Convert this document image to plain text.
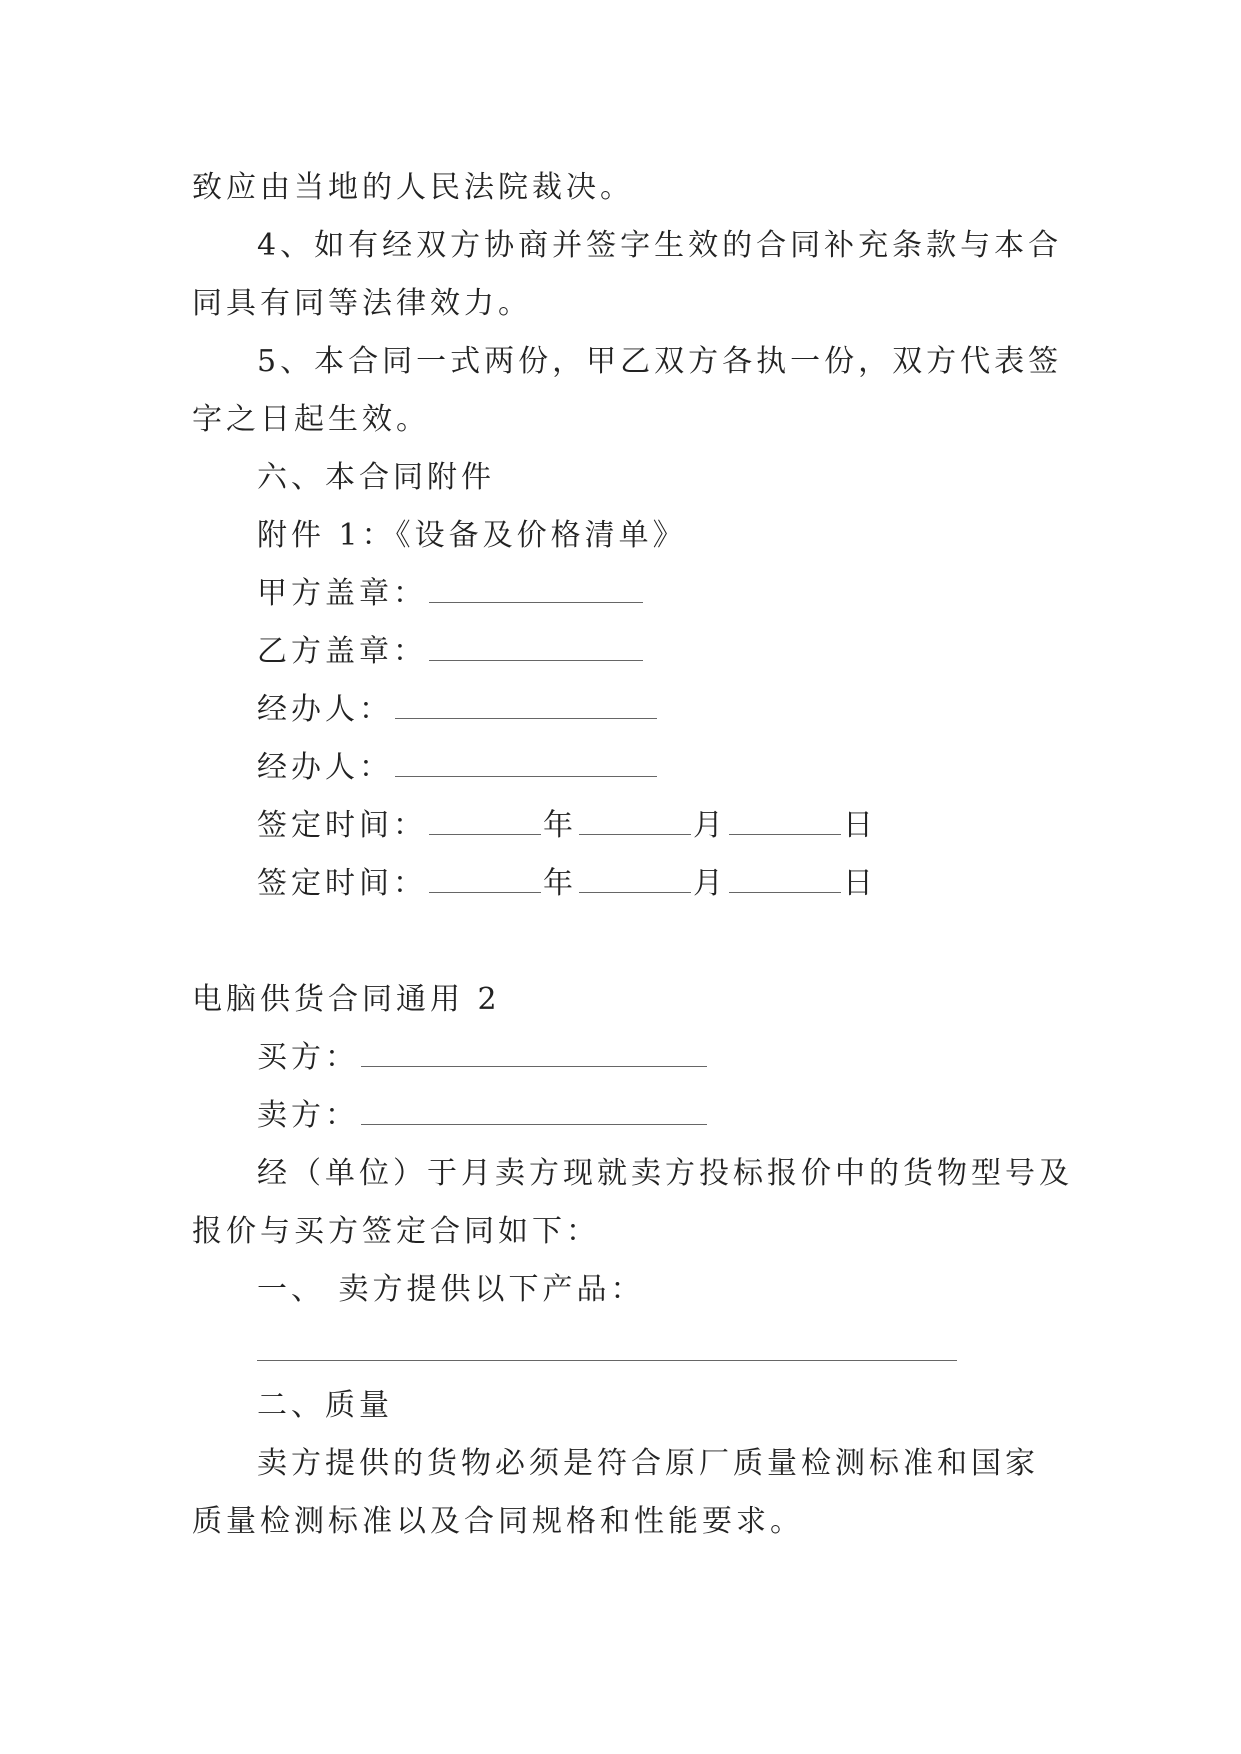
致应由当地的人民法院裁决。
4、如有经双方协商并签字生效的合同补充条款与本合
同具有同等法律效力。
5、本合同一式两份，甲乙双方各执一份，双方代表签
字之日起生效。
六、本合同附件
附件 1：《设备及价格清单》
甲方盖章：
乙方盖章：
经办人：
经办人：
签定时间：	年	月	日
签定时间：	年	月	日
电脑供货合同通用 2
买方：
卖方：
经（单位）于月卖方现就卖方投标报价中的货物型号及
报价与买方签定合同如下：
一、 卖方提供以下产品：
二、质量
卖方提供的货物必须是符合原厂质量检测标准和国家
质量检测标准以及合同规格和性能要求。
